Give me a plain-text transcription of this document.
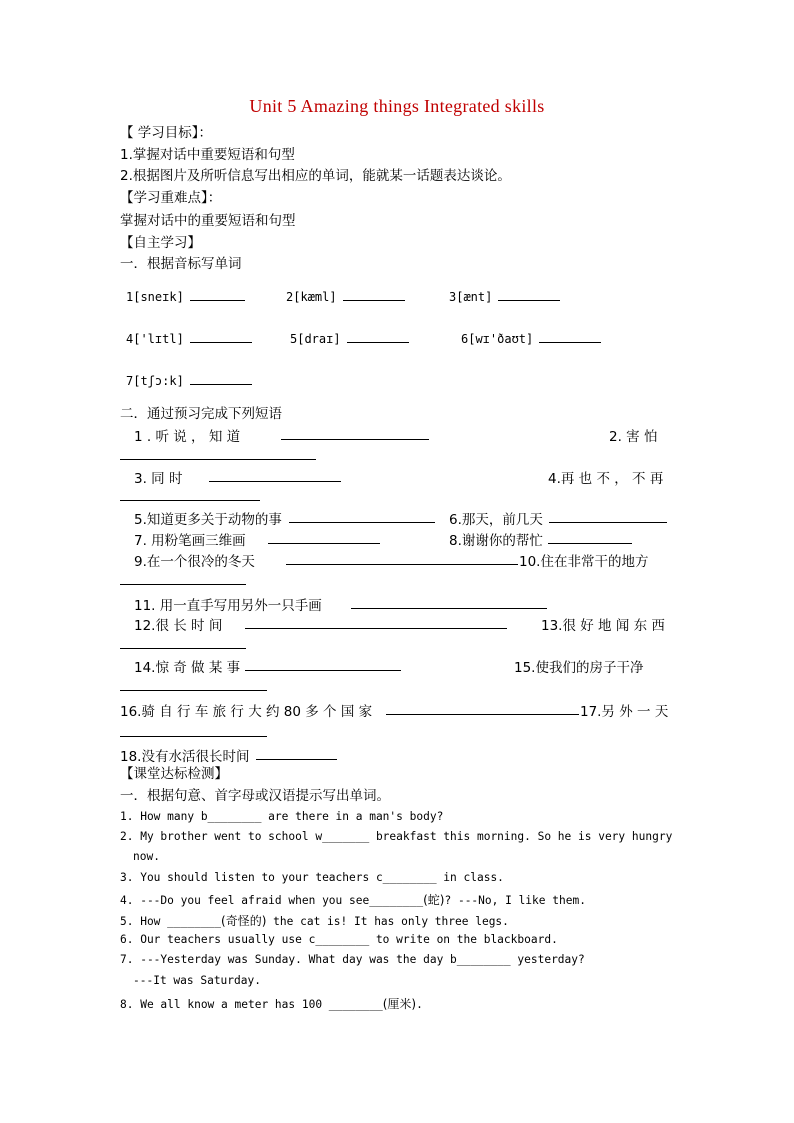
Unit 5 Amazing things Integrated skills
【 学习目标】：
1.掌握对话中重要短语和句型
2.根据图片及所听信息写出相应的单词，能就某一话题表达谈论。
【学习重难点】：
掌握对话中的重要短语和句型
【自主学习】
一．根据音标写单词
1[sneɪk]	2[kæml]	3[ænt]
4['lɪtl]	5[draɪ]	6[wɪ'ðaʊt]
7[tʃɔ:k]
二．通过预习完成下列短语
1 . 听 说 ， 知 道	2. 害 怕
3. 同 时	4.再 也 不 ， 不 再
5.知道更多关于动物的事	6.那天，前几天
7. 用粉笔画三维画	8.谢谢你的帮忙
9.在一个很冷的冬天	10.住在非常干的地方
11. 用一直手写用另外一只手画
12.很 长 时 间	13.很 好 地 闻 东 西
14.惊 奇 做 某 事	15.使我们的房子干净
16.骑 自 行 车 旅 行 大 约 80 多 个 国 家	17.另 外 一 天
18.没有水活很长时间
【课堂达标检测】
一．根据句意、首字母或汉语提示写出单词。
1. How many b________ are there in a man's body?
2. My brother went to school w_______ breakfast this morning. So he is very hungry
now.
3. You should listen to your teachers c________ in class.
4. ---Do you feel afraid when you see________(蛇)? ---No, I like them.
5. How ________(奇怪的) the cat is! It has only three legs.
6. Our teachers usually use c________ to write on the blackboard.
7. ---Yesterday was Sunday. What day was the day b________ yesterday?
---It was Saturday.
8. We all know a meter has 100 ________(厘米).
